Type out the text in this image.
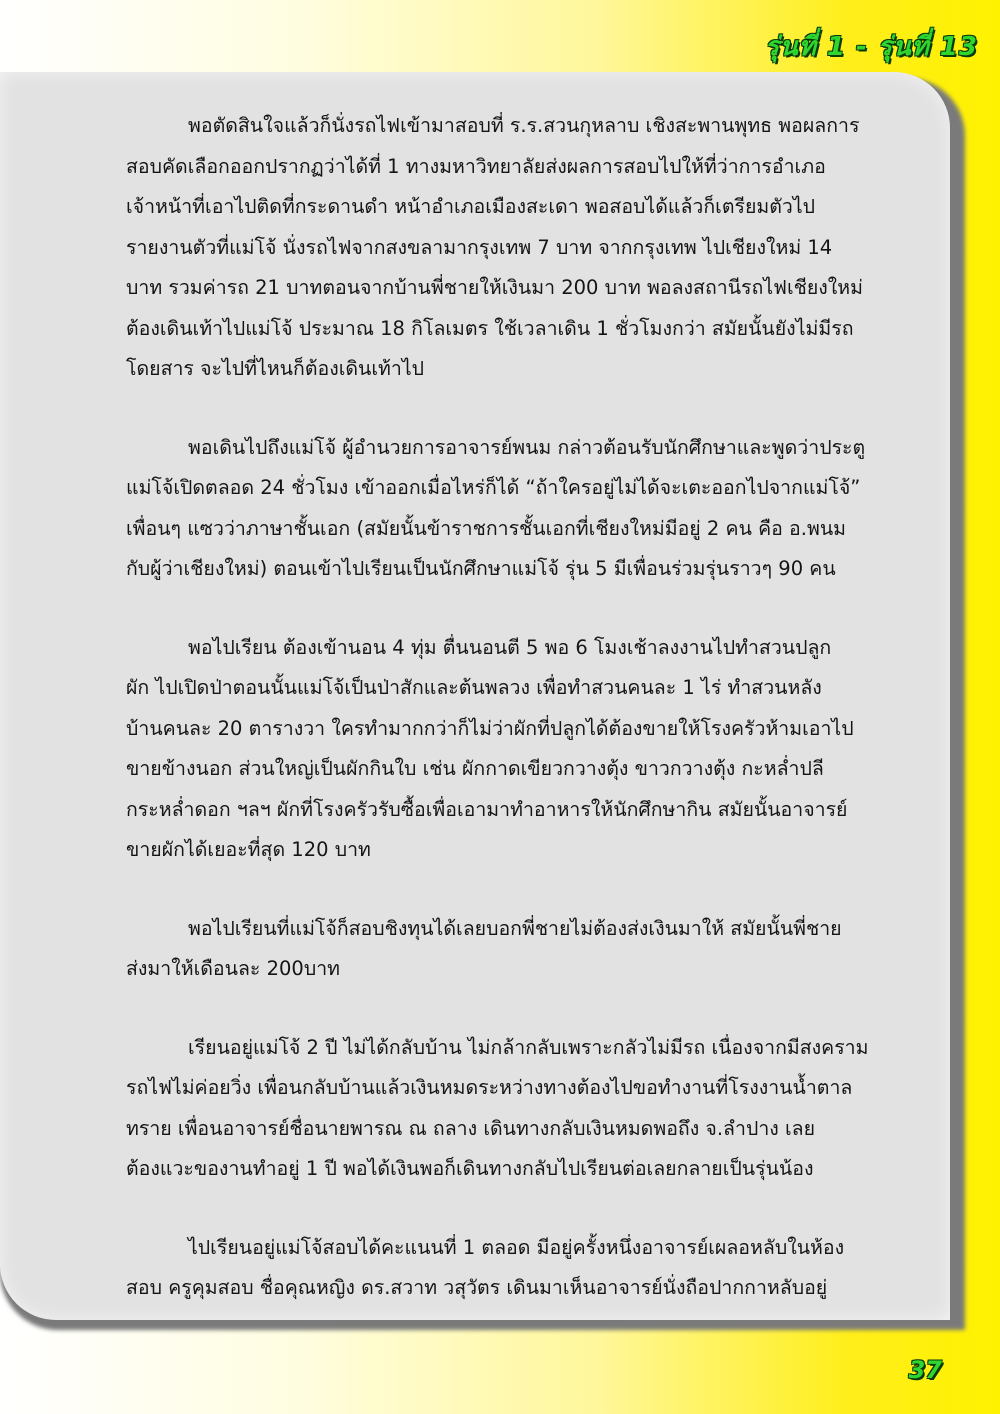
รุ่นที่ 1 - รุ่นที่ 13
พอตัดสินใจแล้วก็นั่งรถไฟเข้ามาสอบที่ ร.ร.สวนกุหลาบ เชิงสะพานพุทธ พอผลการ
สอบคัดเลือกออกปรากฏว่าได้ที่ 1 ทางมหาวิทยาลัยส่งผลการสอบไปให้ที่ว่าการอำเภอ
เจ้าหน้าที่เอาไปติดที่กระดานดำ หน้าอำเภอเมืองสะเดา พอสอบได้แล้วก็เตรียมตัวไป
รายงานตัวที่แม่โจ้ นั่งรถไฟจากสงขลามากรุงเทพ 7 บาท จากกรุงเทพ ไปเชียงใหม่ 14
บาท รวมค่ารถ 21 บาทตอนจากบ้านพี่ชายให้เงินมา 200 บาท พอลงสถานีรถไฟเชียงใหม่
ต้องเดินเท้าไปแม่โจ้ ประมาณ 18 กิโลเมตร ใช้เวลาเดิน 1 ชั่วโมงกว่า สมัยนั้นยังไม่มีรถ
โดยสาร จะไปที่ไหนก็ต้องเดินเท้าไป
พอเดินไปถึงแม่โจ้ ผู้อำนวยการอาจารย์พนม กล่าวต้อนรับนักศึกษาและพูดว่าประตู
แม่โจ้เปิดตลอด 24 ชั่วโมง เข้าออกเมื่อไหร่ก็ได้ “ถ้าใครอยู่ไม่ได้จะเตะออกไปจากแม่โจ้”
เพื่อนๆ แซวว่าภาษาชั้นเอก (สมัยนั้นข้าราชการชั้นเอกที่เชียงใหม่มีอยู่ 2 คน คือ อ.พนม
กับผู้ว่าเชียงใหม่) ตอนเข้าไปเรียนเป็นนักศึกษาแม่โจ้ รุ่น 5 มีเพื่อนร่วมรุ่นราวๆ 90 คน
พอไปเรียน ต้องเข้านอน 4 ทุ่ม ตื่นนอนตี 5 พอ 6 โมงเช้าลงงานไปทำสวนปลูก
ผัก ไปเปิดป่าตอนนั้นแม่โจ้เป็นป่าสักและต้นพลวง เพื่อทำสวนคนละ 1 ไร่ ทำสวนหลัง
บ้านคนละ 20 ตารางวา ใครทำมากกว่าก็ไม่ว่าผักที่ปลูกได้ต้องขายให้โรงครัวห้ามเอาไป
ขายข้างนอก ส่วนใหญ่เป็นผักกินใบ เช่น ผักกาดเขียวกวางตุ้ง ขาวกวางตุ้ง กะหล่ำปลี
กระหล่ำดอก ฯลฯ ผักที่โรงครัวรับซื้อเพื่อเอามาทำอาหารให้นักศึกษากิน สมัยนั้นอาจารย์
ขายผักได้เยอะที่สุด 120 บาท
พอไปเรียนที่แม่โจ้ก็สอบชิงทุนได้เลยบอกพี่ชายไม่ต้องส่งเงินมาให้ สมัยนั้นพี่ชาย
ส่งมาให้เดือนละ 200บาท
เรียนอยู่แม่โจ้ 2 ปี ไม่ได้กลับบ้าน ไม่กล้ากลับเพราะกลัวไม่มีรถ เนื่องจากมีสงคราม
รถไฟไม่ค่อยวิ่ง เพื่อนกลับบ้านแล้วเงินหมดระหว่างทางต้องไปขอทำงานที่โรงงานน้ำตาล
ทราย เพื่อนอาจารย์ชื่อนายพารณ ณ ถลาง เดินทางกลับเงินหมดพอถึง จ.ลำปาง เลย
ต้องแวะของานทำอยู่ 1 ปี พอได้เงินพอก็เดินทางกลับไปเรียนต่อเลยกลายเป็นรุ่นน้อง
ไปเรียนอยู่แม่โจ้สอบได้คะแนนที่ 1 ตลอด มีอยู่ครั้งหนึ่งอาจารย์เผลอหลับในห้อง
สอบ ครูคุมสอบ ชื่อคุณหญิง ดร.สวาท วสุวัตร เดินมาเห็นอาจารย์นั่งถือปากกาหลับอยู่
37
